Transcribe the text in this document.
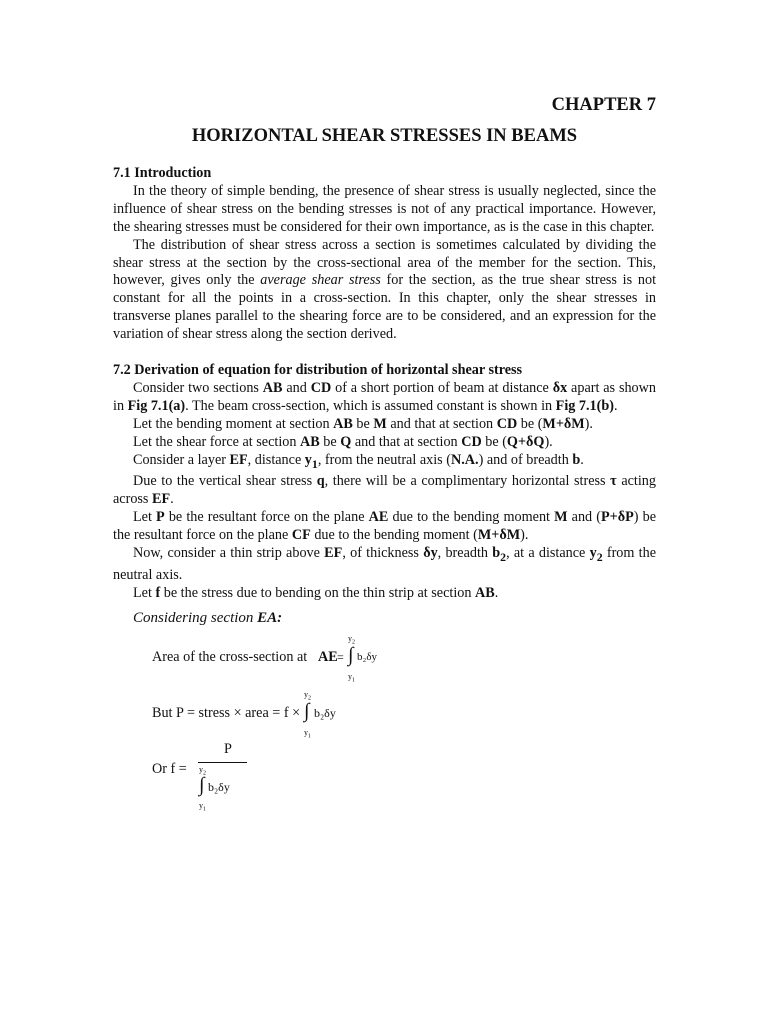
CHAPTER 7
HORIZONTAL SHEAR STRESSES IN BEAMS
7.1 Introduction

In the theory of simple bending, the presence of shear stress is usually neglected, since the influence of shear stress on the bending stresses is not of any practical importance. However, the shearing stresses must be considered for their own importance, as is the case in this chapter.

The distribution of shear stress across a section is sometimes calculated by dividing the shear stress at the section by the cross-sectional area of the member for the section. This, however, gives only the average shear stress for the section, as the true shear stress is not constant for all the points in a cross-section. In this chapter, only the shear stresses in transverse planes parallel to the shearing force are to be considered, and an expression for the variation of shear stress along the section derived.

7.2 Derivation of equation for distribution of horizontal shear stress

Consider two sections AB and CD of a short portion of beam at distance δx apart as shown in Fig 7.1(a). The beam cross-section, which is assumed constant is shown in Fig 7.1(b).

Let the bending moment at section AB be M and that at section CD be (M+δM).

Let the shear force at section AB be Q and that at section CD be (Q+δQ).

Consider a layer EF, distance $y_1$, from the neutral axis (N.A.) and of breadth b.

Due to the vertical shear stress q, there will be a complimentary horizontal stress τ acting across EF.

Let P be the resultant force on the plane AE due to the bending moment M and (P+δP) be the resultant force on the plane CF due to the bending moment (M+δM).

Now, consider a thin strip above EF, of thickness δy, breadth $b_2$, at a distance $y_2$ from the neutral axis.

Let f be the stress due to bending on the thin strip at section AB.

Considering section EA:
Area of the cross-section at AE = ∫
$y_2$
$y_1$
b₂δy
But P = stress × area = f × ∫
$y_2$
$y_1$
b₂δy
Or f =
P
$y_2$
∫
$y_1$
b₂δy
